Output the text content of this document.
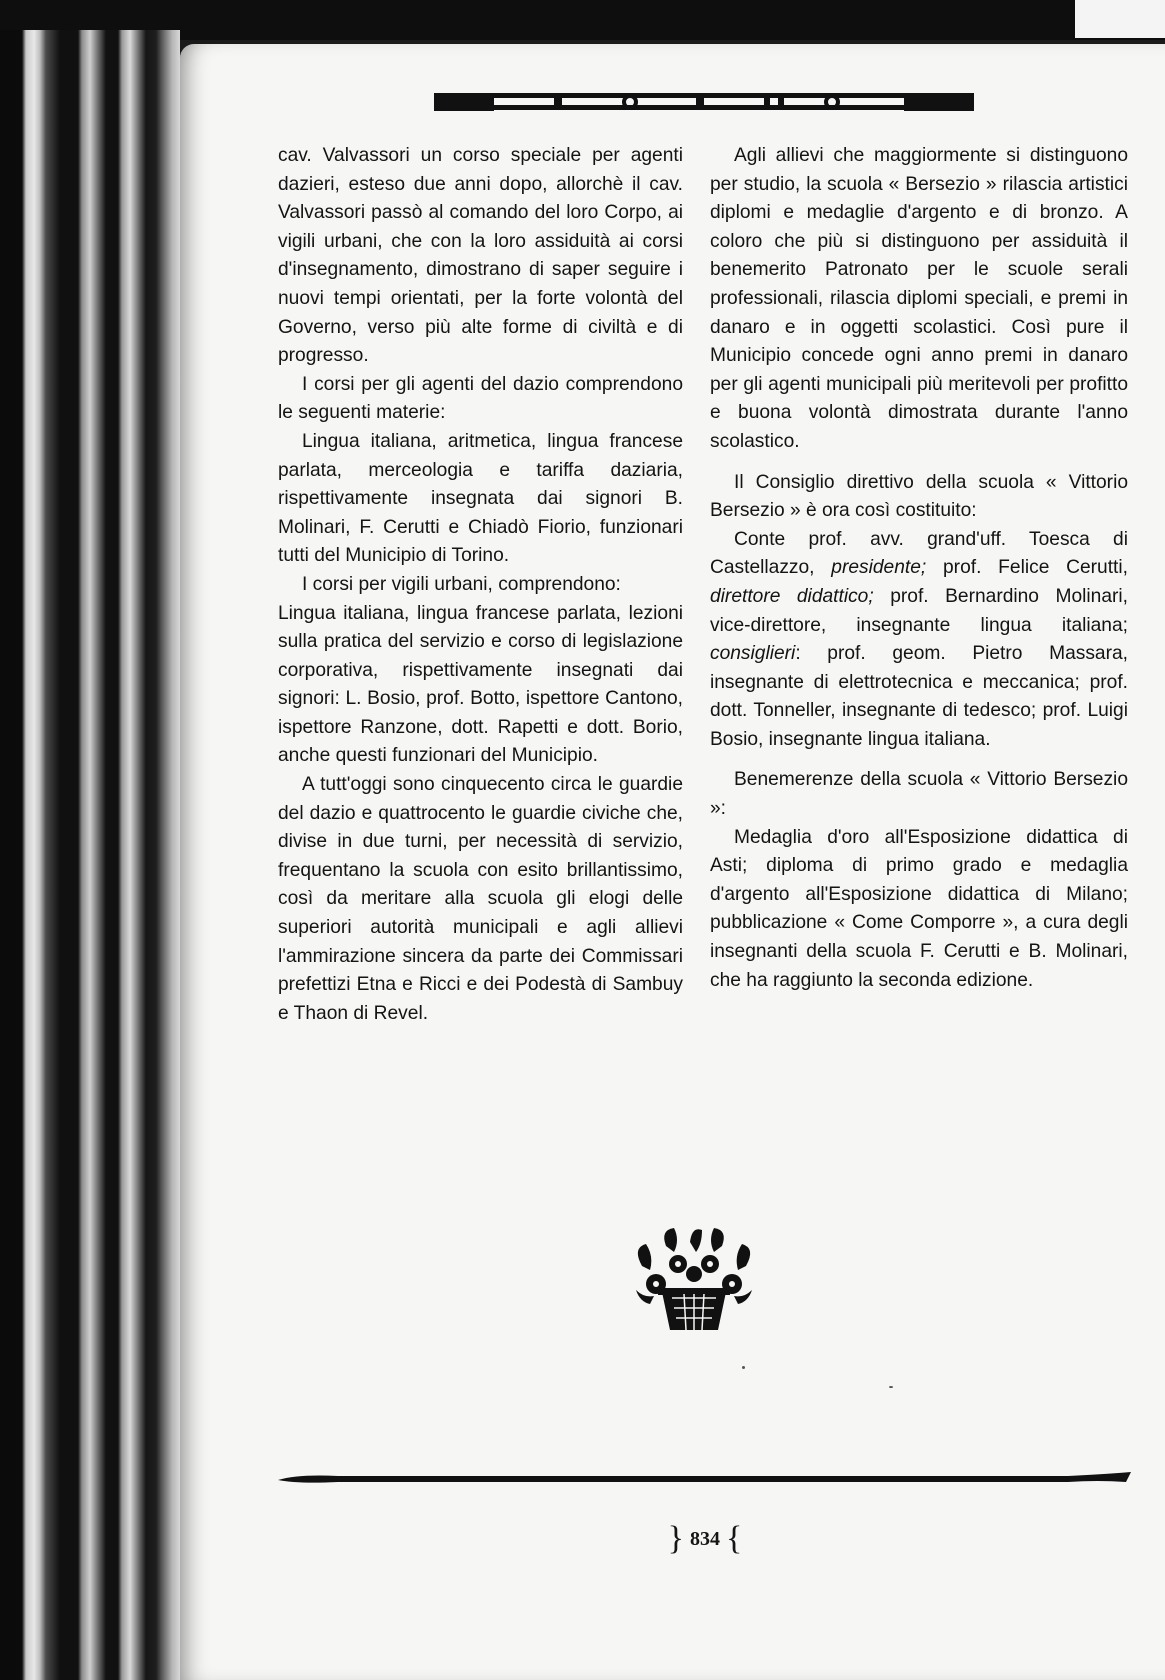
cav. Valvassori un corso speciale per agenti dazieri, esteso due anni dopo, allorchè il cav. Valvassori passò al comando del loro Corpo, ai vigili urbani, che con la loro assiduità ai corsi d'insegnamento, dimostrano di saper seguire i nuovi tempi orientati, per la forte volontà del Governo, verso più alte forme di civiltà e di progresso.

I corsi per gli agenti del dazio comprendono le seguenti materie:

Lingua italiana, aritmetica, lingua francese parlata, merceologia e tariffa daziaria, rispettivamente insegnata dai signori B. Molinari, F. Cerutti e Chiadò Fiorio, funzionari tutti del Municipio di Torino.

I corsi per vigili urbani, comprendono:

Lingua italiana, lingua francese parlata, lezioni sulla pratica del servizio e corso di legislazione corporativa, rispettivamente insegnati dai signori: L. Bosio, prof. Botto, ispettore Cantono, ispettore Ranzone, dott. Rapetti e dott. Borio, anche questi funzionari del Municipio.

A tutt'oggi sono cinquecento circa le guardie del dazio e quattrocento le guardie civiche che, divise in due turni, per necessità di servizio, frequentano la scuola con esito brillantissimo, così da meritare alla scuola gli elogi delle superiori autorità municipali e agli allievi l'ammirazione sincera da parte dei Commissari prefettizi Etna e Ricci e dei Podestà di Sambuy e Thaon di Revel.

Agli allievi che maggiormente si distinguono per studio, la scuola « Bersezio » rilascia artistici diplomi e medaglie d'argento e di bronzo. A coloro che più si distinguono per assiduità il benemerito Patronato per le scuole serali professionali, rilascia diplomi speciali, e premi in danaro e in oggetti scolastici. Così pure il Municipio concede ogni anno premi in danaro per gli agenti municipali più meritevoli per profitto e buona volontà dimostrata durante l'anno scolastico.

Il Consiglio direttivo della scuola « Vittorio Bersezio » è ora così costituito:

Conte prof. avv. grand'uff. Toesca di Castellazzo, presidente; prof. Felice Cerutti, direttore didattico; prof. Bernardino Molinari, vice-direttore, insegnante lingua italiana; consiglieri: prof. geom. Pietro Massara, insegnante di elettrotecnica e meccanica; prof. dott. Tonneller, insegnante di tedesco; prof. Luigi Bosio, insegnante lingua italiana.

Benemerenze della scuola « Vittorio Bersezio »:

Medaglia d'oro all'Esposizione didattica di Asti; diploma di primo grado e medaglia d'argento all'Esposizione didattica di Milano; pubblicazione « Come Comporre », a cura degli insegnanti della scuola F. Cerutti e B. Molinari, che ha raggiunto la seconda edizione.

} 834 {
